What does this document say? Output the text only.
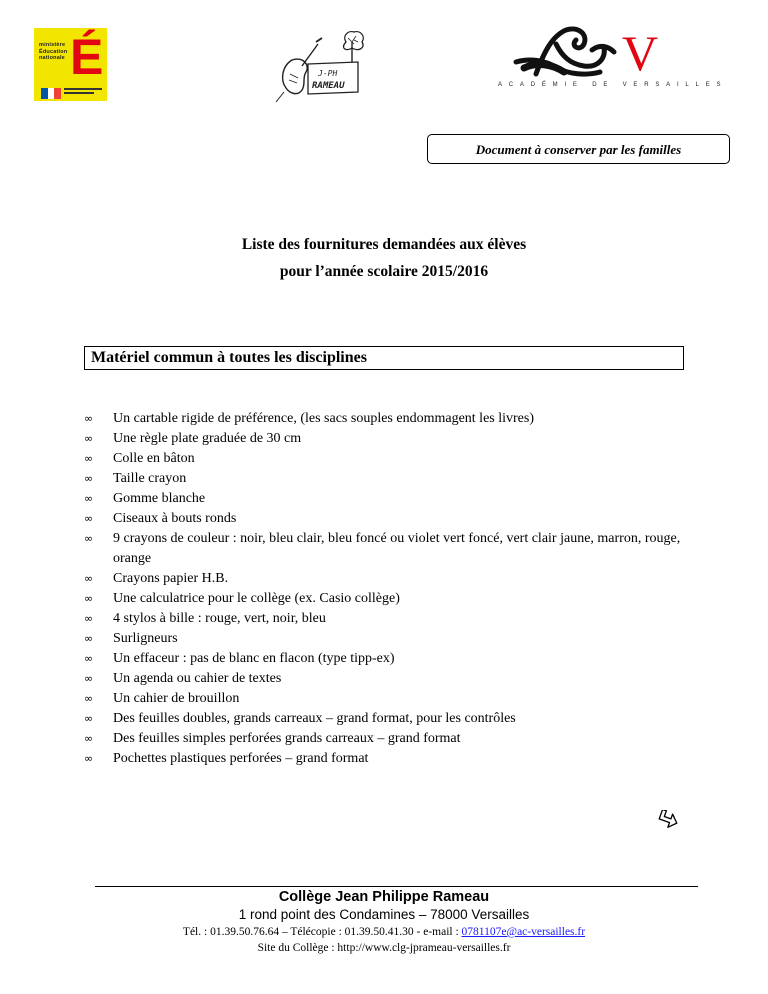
ministère
Éducation
nationale É	J-PH
RAMEAU
V
ACADÉMIE DE VERSAILLES
Document à conserver par les familles
Liste des fournitures demandées aux élèves
pour l’année scolaire 2015/2016
Matériel commun à toutes les disciplines
∞ Un cartable rigide de préférence, (les sacs souples endommagent les livres)
∞ Une règle plate graduée de 30 cm
∞ Colle en bâton
∞ Taille crayon
∞ Gomme blanche
∞ Ciseaux à bouts ronds
∞ 9 crayons de couleur : noir, bleu clair, bleu foncé ou violet vert foncé, vert clair jaune, marron, rouge, orange
∞ Crayons papier H.B.
∞ Une calculatrice pour le collège (ex. Casio collège)
∞ 4 stylos à bille : rouge, vert, noir, bleu
∞ Surligneurs
∞ Un effaceur : pas de blanc en flacon (type tipp-ex)
∞ Un agenda ou cahier de textes
∞ Un cahier de brouillon
∞ Des feuilles doubles, grands carreaux – grand format, pour les contrôles
∞ Des feuilles simples perforées grands carreaux – grand format
∞ Pochettes plastiques perforées – grand format
Collège Jean Philippe Rameau
1 rond point des Condamines – 78000 Versailles
Tél. : 01.39.50.76.64 – Télécopie : 01.39.50.41.30 - e-mail : 0781107e@ac-versailles.fr
Site du Collège : http://www.clg-jprameau-versailles.fr
